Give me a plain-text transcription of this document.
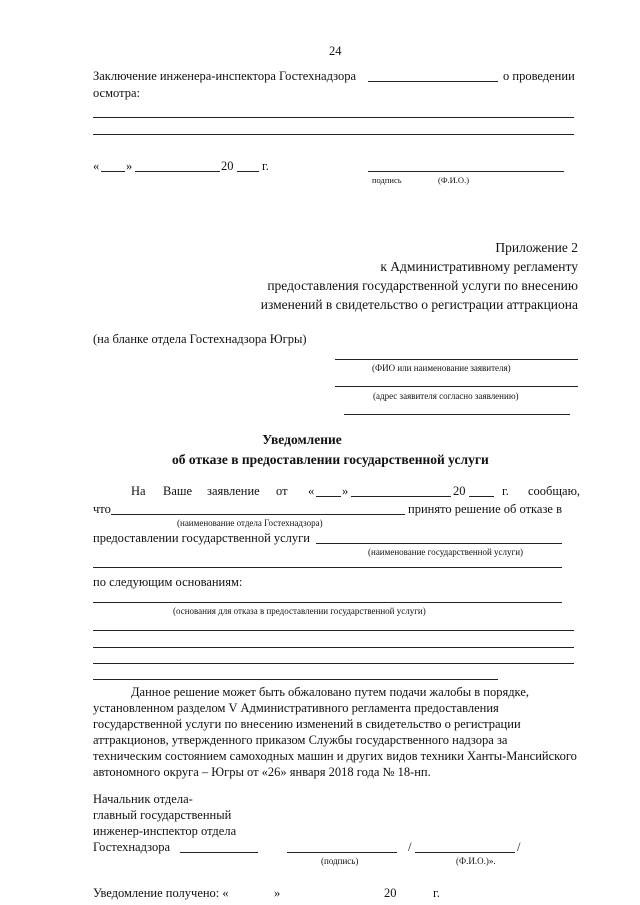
24
Заключение инженера-инспектора Гостехнадзора	о проведении
осмотра:
« »	20 г.
подпись	(Ф.И.О.)
Приложение 2
к Административному регламенту
предоставления государственной услуги по внесению
изменений в свидетельство о регистрации аттракциона
(на бланке отдела Гостехнадзора Югры)
(ФИО или наименование заявителя)
(адрес заявителя согласно заявлению)
Уведомление
об отказе в предоставлении государственной услуги
На Ваше заявление от « »	20	г. сообщаю,
что	принято решение об отказе в
(наименование отдела Гостехнадзора)
предоставлении государственной услуги
(наименование государственной услуги)
по следующим основаниям:
(основания для отказа в предоставлении государственной услуги)
Данное решение может быть обжаловано путем подачи жалобы в порядке,
установленном разделом V Административного регламента предоставления
государственной услуги по внесению изменений в свидетельство о регистрации
аттракционов, утвержденного приказом Службы государственного надзора за
техническим состоянием самоходных машин и других видов техники Ханты-Мансийского
автономного округа – Югры от «26» января 2018 года № 18-нп.
Начальник отдела-
главный государственный
инженер-инспектор отдела
Гостехнадзора	/	/
(подпись)	(Ф.И.О.)».
Уведомление получено: «	»	20	г.
